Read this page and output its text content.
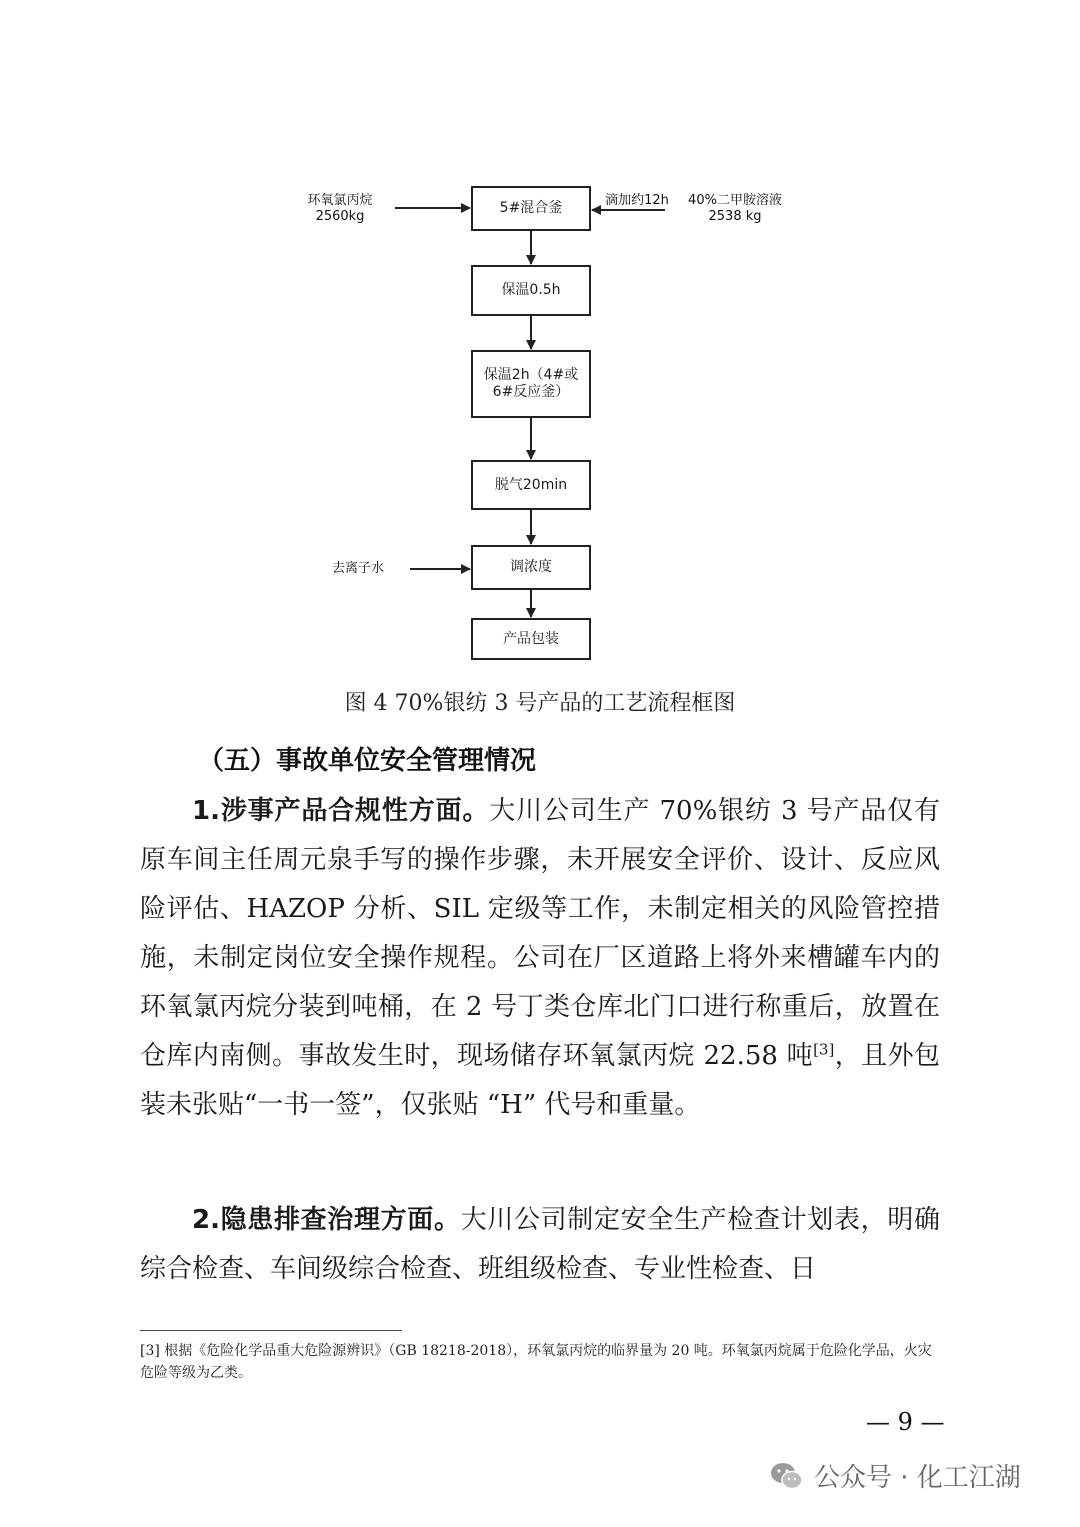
5#混合釜
保温0.5h
保温2h（4#或6#反应釜）
脱气20min
调浓度
产品包装
环氧氯丙烷
2560kg
滴加约12h	40%二甲胺溶液
2538 kg
去离子水
图 4 70%银纺 3 号产品的工艺流程框图
（五）事故单位安全管理情况
1.涉事产品合规性方面。大川公司生产 70%银纺 3 号产品仅有原车间主任周元泉手写的操作步骤，未开展安全评价、设计、反应风险评估、HAZOP 分析、SIL 定级等工作，未制定相关的风险管控措施，未制定岗位安全操作规程。公司在厂区道路上将外来槽罐车内的环氧氯丙烷分装到吨桶，在 2 号丁类仓库北门口进行称重后，放置在仓库内南侧。事故发生时，现场储存环氧氯丙烷 22.58 吨[3]，且外包装未张贴“一书一签”，仅张贴 “H” 代号和重量。
2.隐患排查治理方面。大川公司制定安全生产检查计划表，明确综合检查、车间级综合检查、班组级检查、专业性检查、日
[3] 根据《危险化学品重大危险源辨识》（GB 18218-2018），环氧氯丙烷的临界量为 20 吨。环氧氯丙烷属于危险化学品，火灾危险等级为乙类。
— 9 —
公众号 · 化工江湖
